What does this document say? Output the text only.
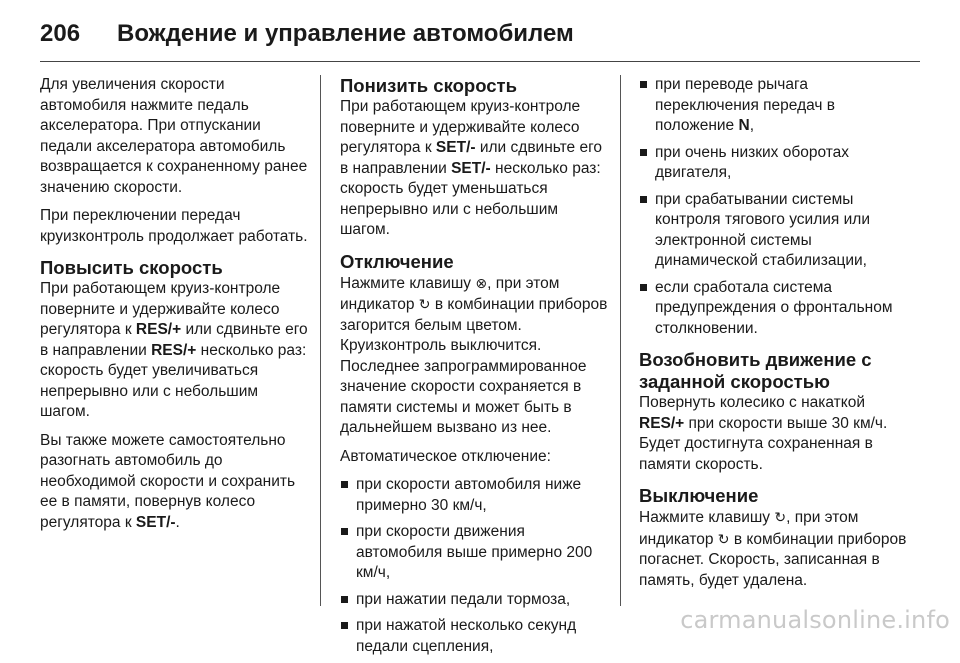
206 Вождение и управление автомобилем

Для увеличения скорости автомобиля нажмите педаль акселератора. При отпускании педали акселератора автомобиль возвращается к сохраненному ранее значению скорости.

При переключении передач круизконтроль продолжает работать.

Повысить скорость

При работающем круиз-контроле поверните и удерживайте колесо регулятора к RES/+ или сдвиньте его в направлении RES/+ несколько раз: скорость будет увеличиваться непрерывно или с небольшим шагом.

Вы также можете самостоятельно разогнать автомобиль до необходимой скорости и сохранить ее в памяти, повернув колесо регулятора к SET/-.

Понизить скорость

При работающем круиз-контроле поверните и удерживайте колесо регулятора к SET/- или сдвиньте его в направлении SET/- несколько раз: скорость будет уменьшаться непрерывно или с небольшим шагом.

Отключение

Нажмите клавишу ⊗, при этом индикатор ↻ в комбинации приборов загорится белым цветом. Круизконтроль выключится. Последнее запрограммированное значение скорости сохраняется в памяти системы и может быть в дальнейшем вызвано из нее.

Автоматическое отключение:

при скорости автомобиля ниже примерно 30 км/ч,
при скорости движения автомобиля выше примерно 200 км/ч,
при нажатии педали тормоза,
при нажатой несколько секунд педали сцепления,
при переводе рычага переключения передач в положение N,
при очень низких оборотах двигателя,
при срабатывании системы контроля тягового усилия или электронной системы динамической стабилизации,
если сработала система предупреждения о фронтальном столкновении.
Возобновить движение с заданной скоростью

Повернуть колесико с накаткой RES/+ при скорости выше 30 км/ч. Будет достигнута сохраненная в памяти скорость.

Выключение

Нажмите клавишу ↻, при этом индикатор ↻ в комбинации приборов погаснет. Скорость, записанная в память, будет удалена.

carmanualsonline.info
